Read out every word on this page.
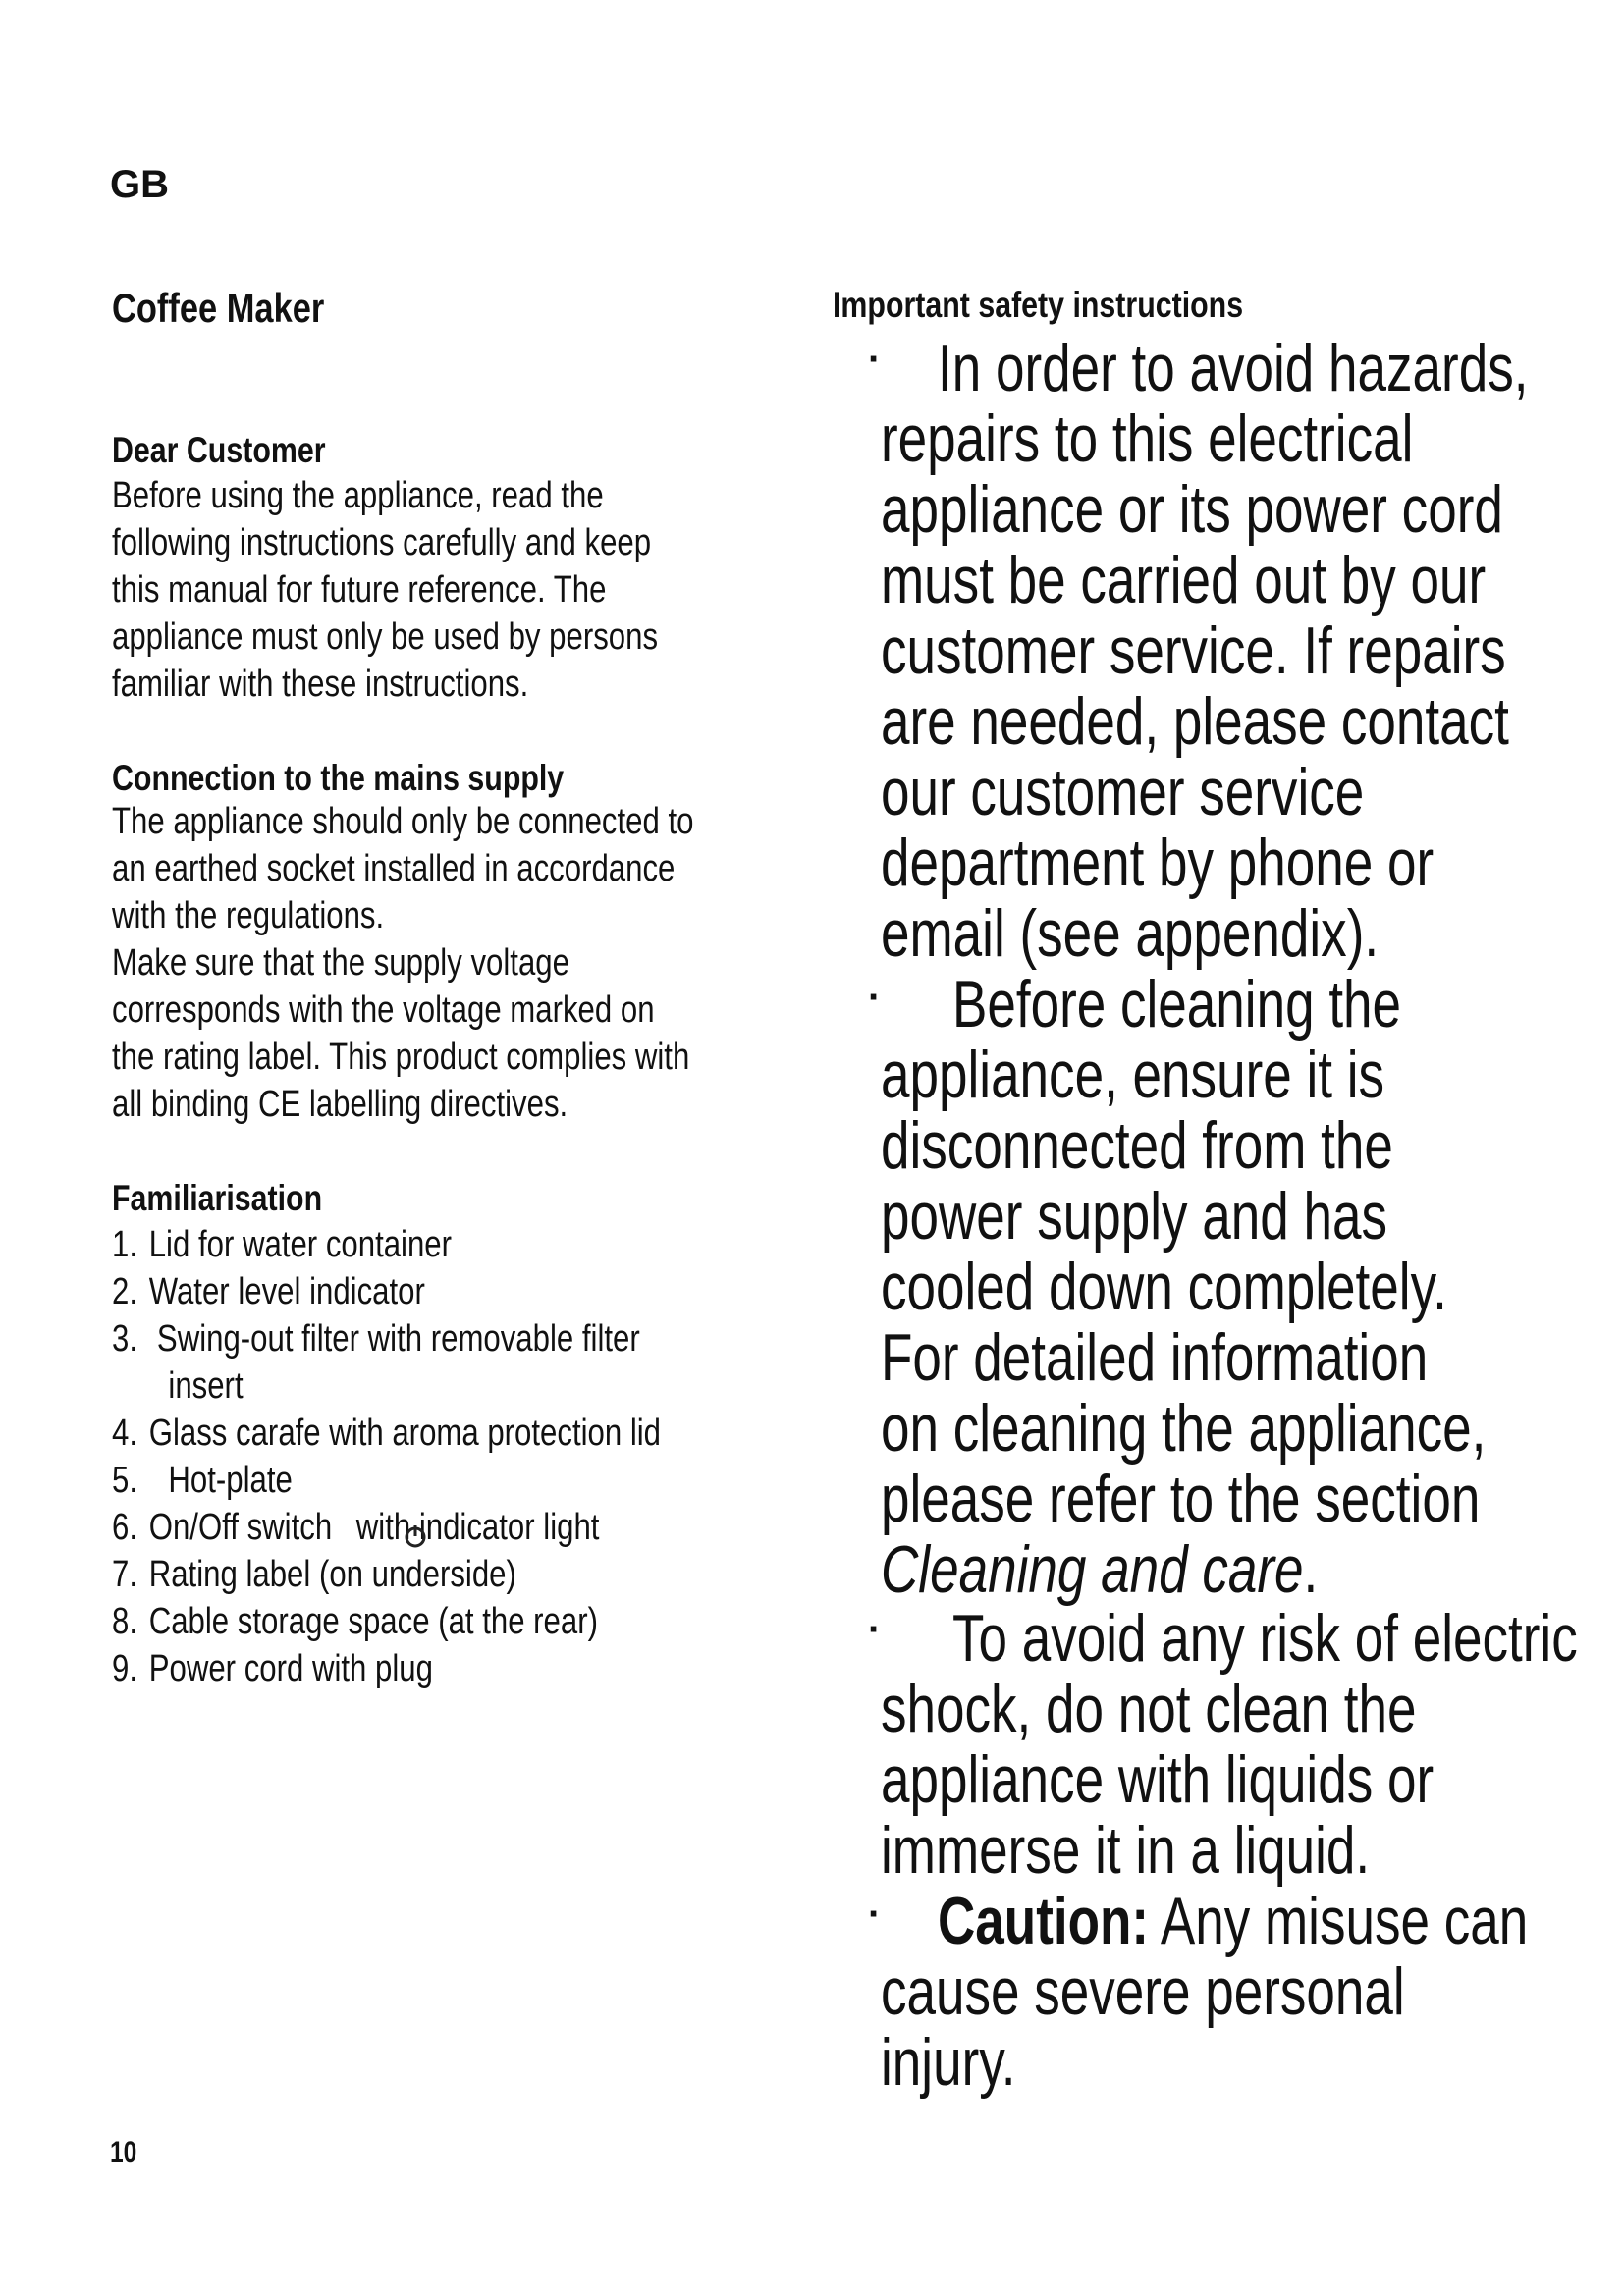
GB
Coffee Maker
Dear Customer
Before using the appliance, read the
following instructions carefully and keep
this manual for future reference. The
appliance must only be used by persons
familiar with these instructions.
Connection to the mains supply
The appliance should only be connected to
an earthed socket installed in accordance
with the regulations.
Make sure that the supply voltage
corresponds with the voltage marked on
the rating label. This product complies with
all binding CE labelling directives.
Familiarisation
1. Lid for water container
2. Water level indicator
3. Swing-out filter with removable filter
insert
4. Glass carafe with aroma protection lid
5. Hot-plate
6. On/Off switch with indicator light
7. Rating label (on underside)
8. Cable storage space (at the rear)
9. Power cord with plug
10
Important safety instructions
· In order to avoid hazards,
repairs to this electrical
appliance or its power cord
must be carried out by our
customer service. If repairs
are needed, please contact
our customer service
department by phone or
email (see appendix).
· Before cleaning the
appliance, ensure it is
disconnected from the
power supply and has
cooled down completely.
For detailed information
on cleaning the appliance,
please refer to the section
Cleaning and care.
· To avoid any risk of electric
shock, do not clean the
appliance with liquids or
immerse it in a liquid.
· Caution: Any misuse can
cause severe personal
injury.
